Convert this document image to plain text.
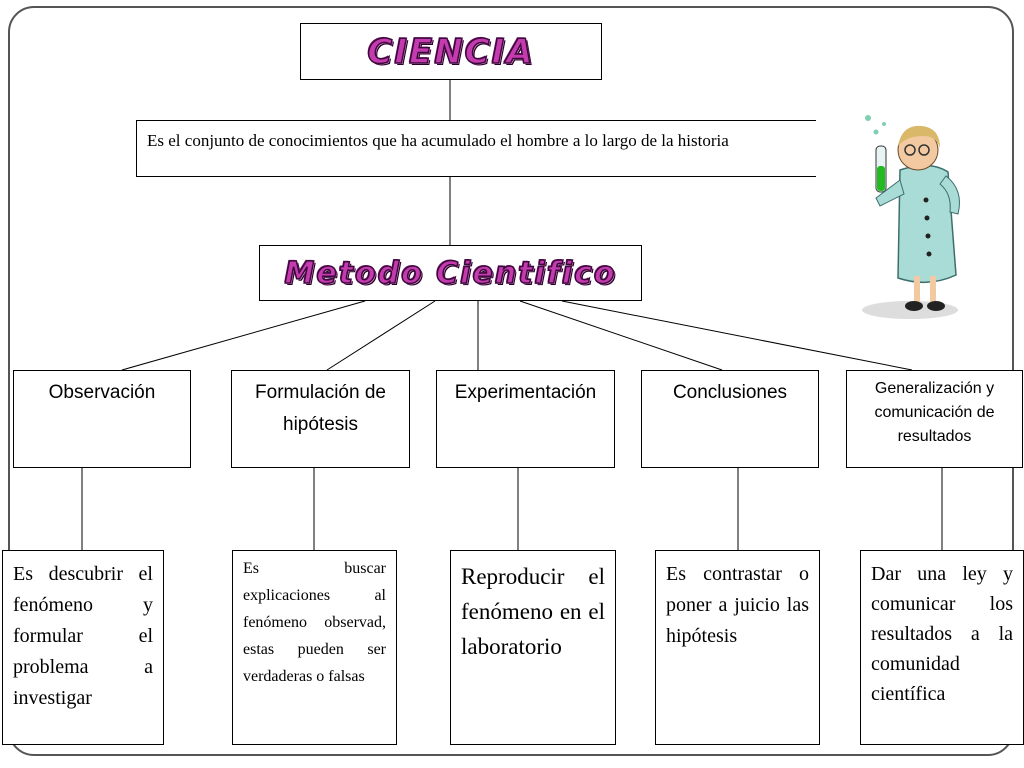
CIENCIA
Es el conjunto de conocimientos que ha acumulado el hombre a lo largo de la historia
Metodo Cientifico
Observación	Formulación de hipótesis
Experimentación	Conclusiones	Generalización y comunicación de resultados
Es descubrir el fenómeno y formular el problema a investigar
Es buscar explicaciones al fenómeno observad, estas pueden ser verdaderas o falsas
Reproducir el fenómeno en el laboratorio
Es contrastar o poner a juicio las hipótesis
Dar una ley y comunicar los resultados a la comunidad científica
